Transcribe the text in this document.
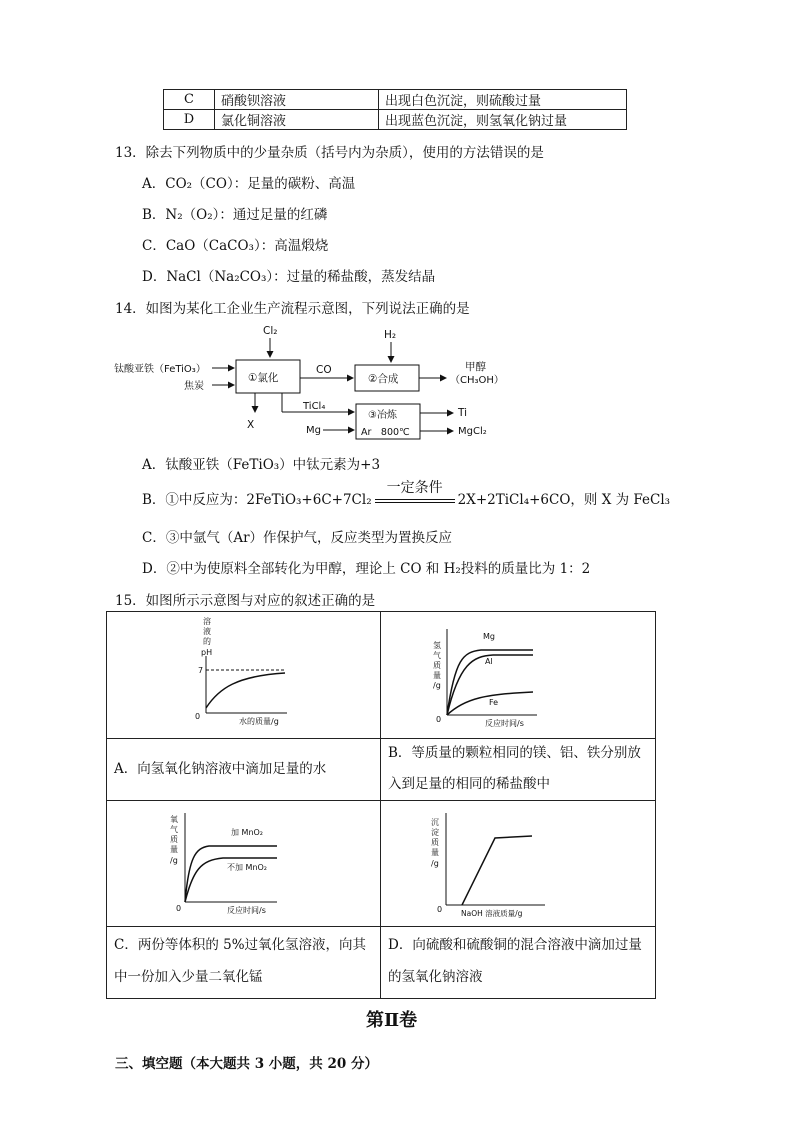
C	硝酸钡溶液	出现白色沉淀，则硫酸过量
D	氯化铜溶液	出现蓝色沉淀，则氢氧化钠过量
13．除去下列物质中的少量杂质（括号内为杂质），使用的方法错误的是
A．CO₂（CO）：足量的碳粉、高温
B．N₂（O₂）：通过足量的红磷
C．CaO（CaCO₃）：高温煅烧
D．NaCl（Na₂CO₃）：过量的稀盐酸，蒸发结晶
14．如图为某化工企业生产流程示意图，下列说法正确的是
Cl₂	H₂
钛酸亚铁（FeTiO₃）
焦炭
①氯化
CO
②合成
甲醇
（CH₃OH）
X
TiCl₄
Mg
③冶炼
Ar　800℃
Ti
MgCl₂
A．钛酸亚铁（FeTiO₃）中钛元素为+3
B．①中反应为：2FeTiO₃+6C+7Cl₂
一定条件
2X+2TiCl₄+6CO，则 X 为 FeCl₃
C．③中氩气（Ar）作保护气，反应类型为置换反应
D．②中为使原料全部转化为甲醇，理论上 CO 和 H₂投料的质量比为 1：2
15．如图所示示意图与对应的叙述正确的是
溶
液
的
pH
7
0
水的质量/g
氢
气
质
量
/g
0	反应时间/s
Mg
Al
Fe
A．向氢氧化钠溶液中滴加足量的水
B．等质量的颗粒相同的镁、铝、铁分别放
入到足量的相同的稀盐酸中
氧
气
质
量
/g
0	反应时间/s
加 MnO₂
不加 MnO₂
沉
淀
质
量
/g
0	NaOH 溶液质量/g
C．两份等体积的 5%过氧化氢溶液，向其
中一份加入少量二氧化锰
D．向硫酸和硫酸铜的混合溶液中滴加过量
的氢氧化钠溶液
第Ⅱ卷
三、填空题（本大题共 3 小题，共 20 分）
